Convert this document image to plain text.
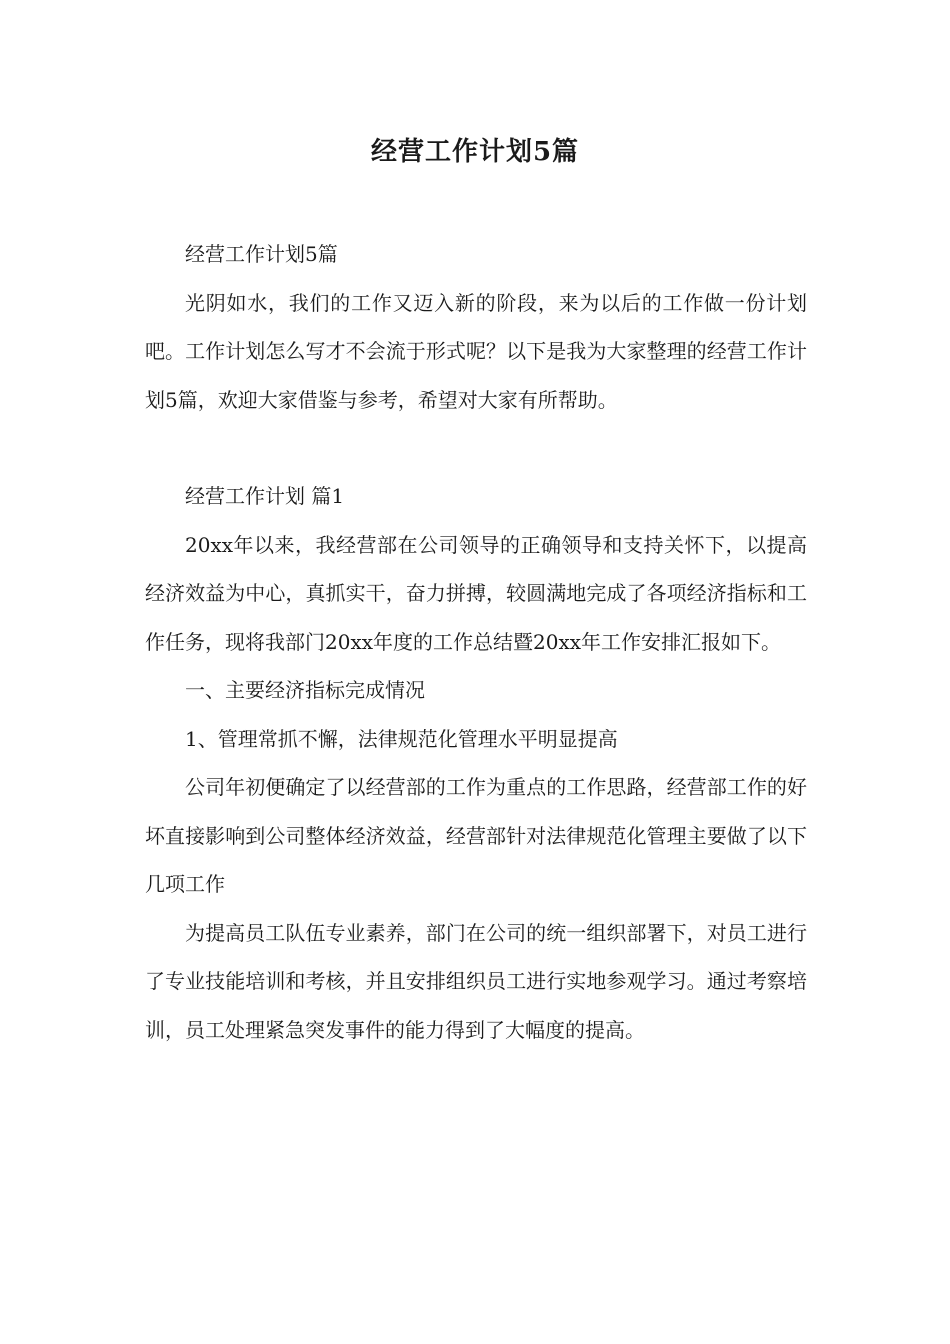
经营工作计划5篇

经营工作计划5篇

光阴如水，我们的工作又迈入新的阶段，来为以后的工作做一份计划吧。工作计划怎么写才不会流于形式呢？以下是我为大家整理的经营工作计划5篇，欢迎大家借鉴与参考，希望对大家有所帮助。

经营工作计划 篇1

20xx年以来，我经营部在公司领导的正确领导和支持关怀下，以提高经济效益为中心，真抓实干，奋力拼搏，较圆满地完成了各项经济指标和工作任务，现将我部门20xx年度的工作总结暨20xx年工作安排汇报如下。

一、主要经济指标完成情况

1、管理常抓不懈，法律规范化管理水平明显提高

公司年初便确定了以经营部的工作为重点的工作思路，经营部工作的好坏直接影响到公司整体经济效益，经营部针对法律规范化管理主要做了以下几项工作

为提高员工队伍专业素养，部门在公司的统一组织部署下，对员工进行了专业技能培训和考核，并且安排组织员工进行实地参观学习。通过考察培训，员工处理紧急突发事件的能力得到了大幅度的提高。
